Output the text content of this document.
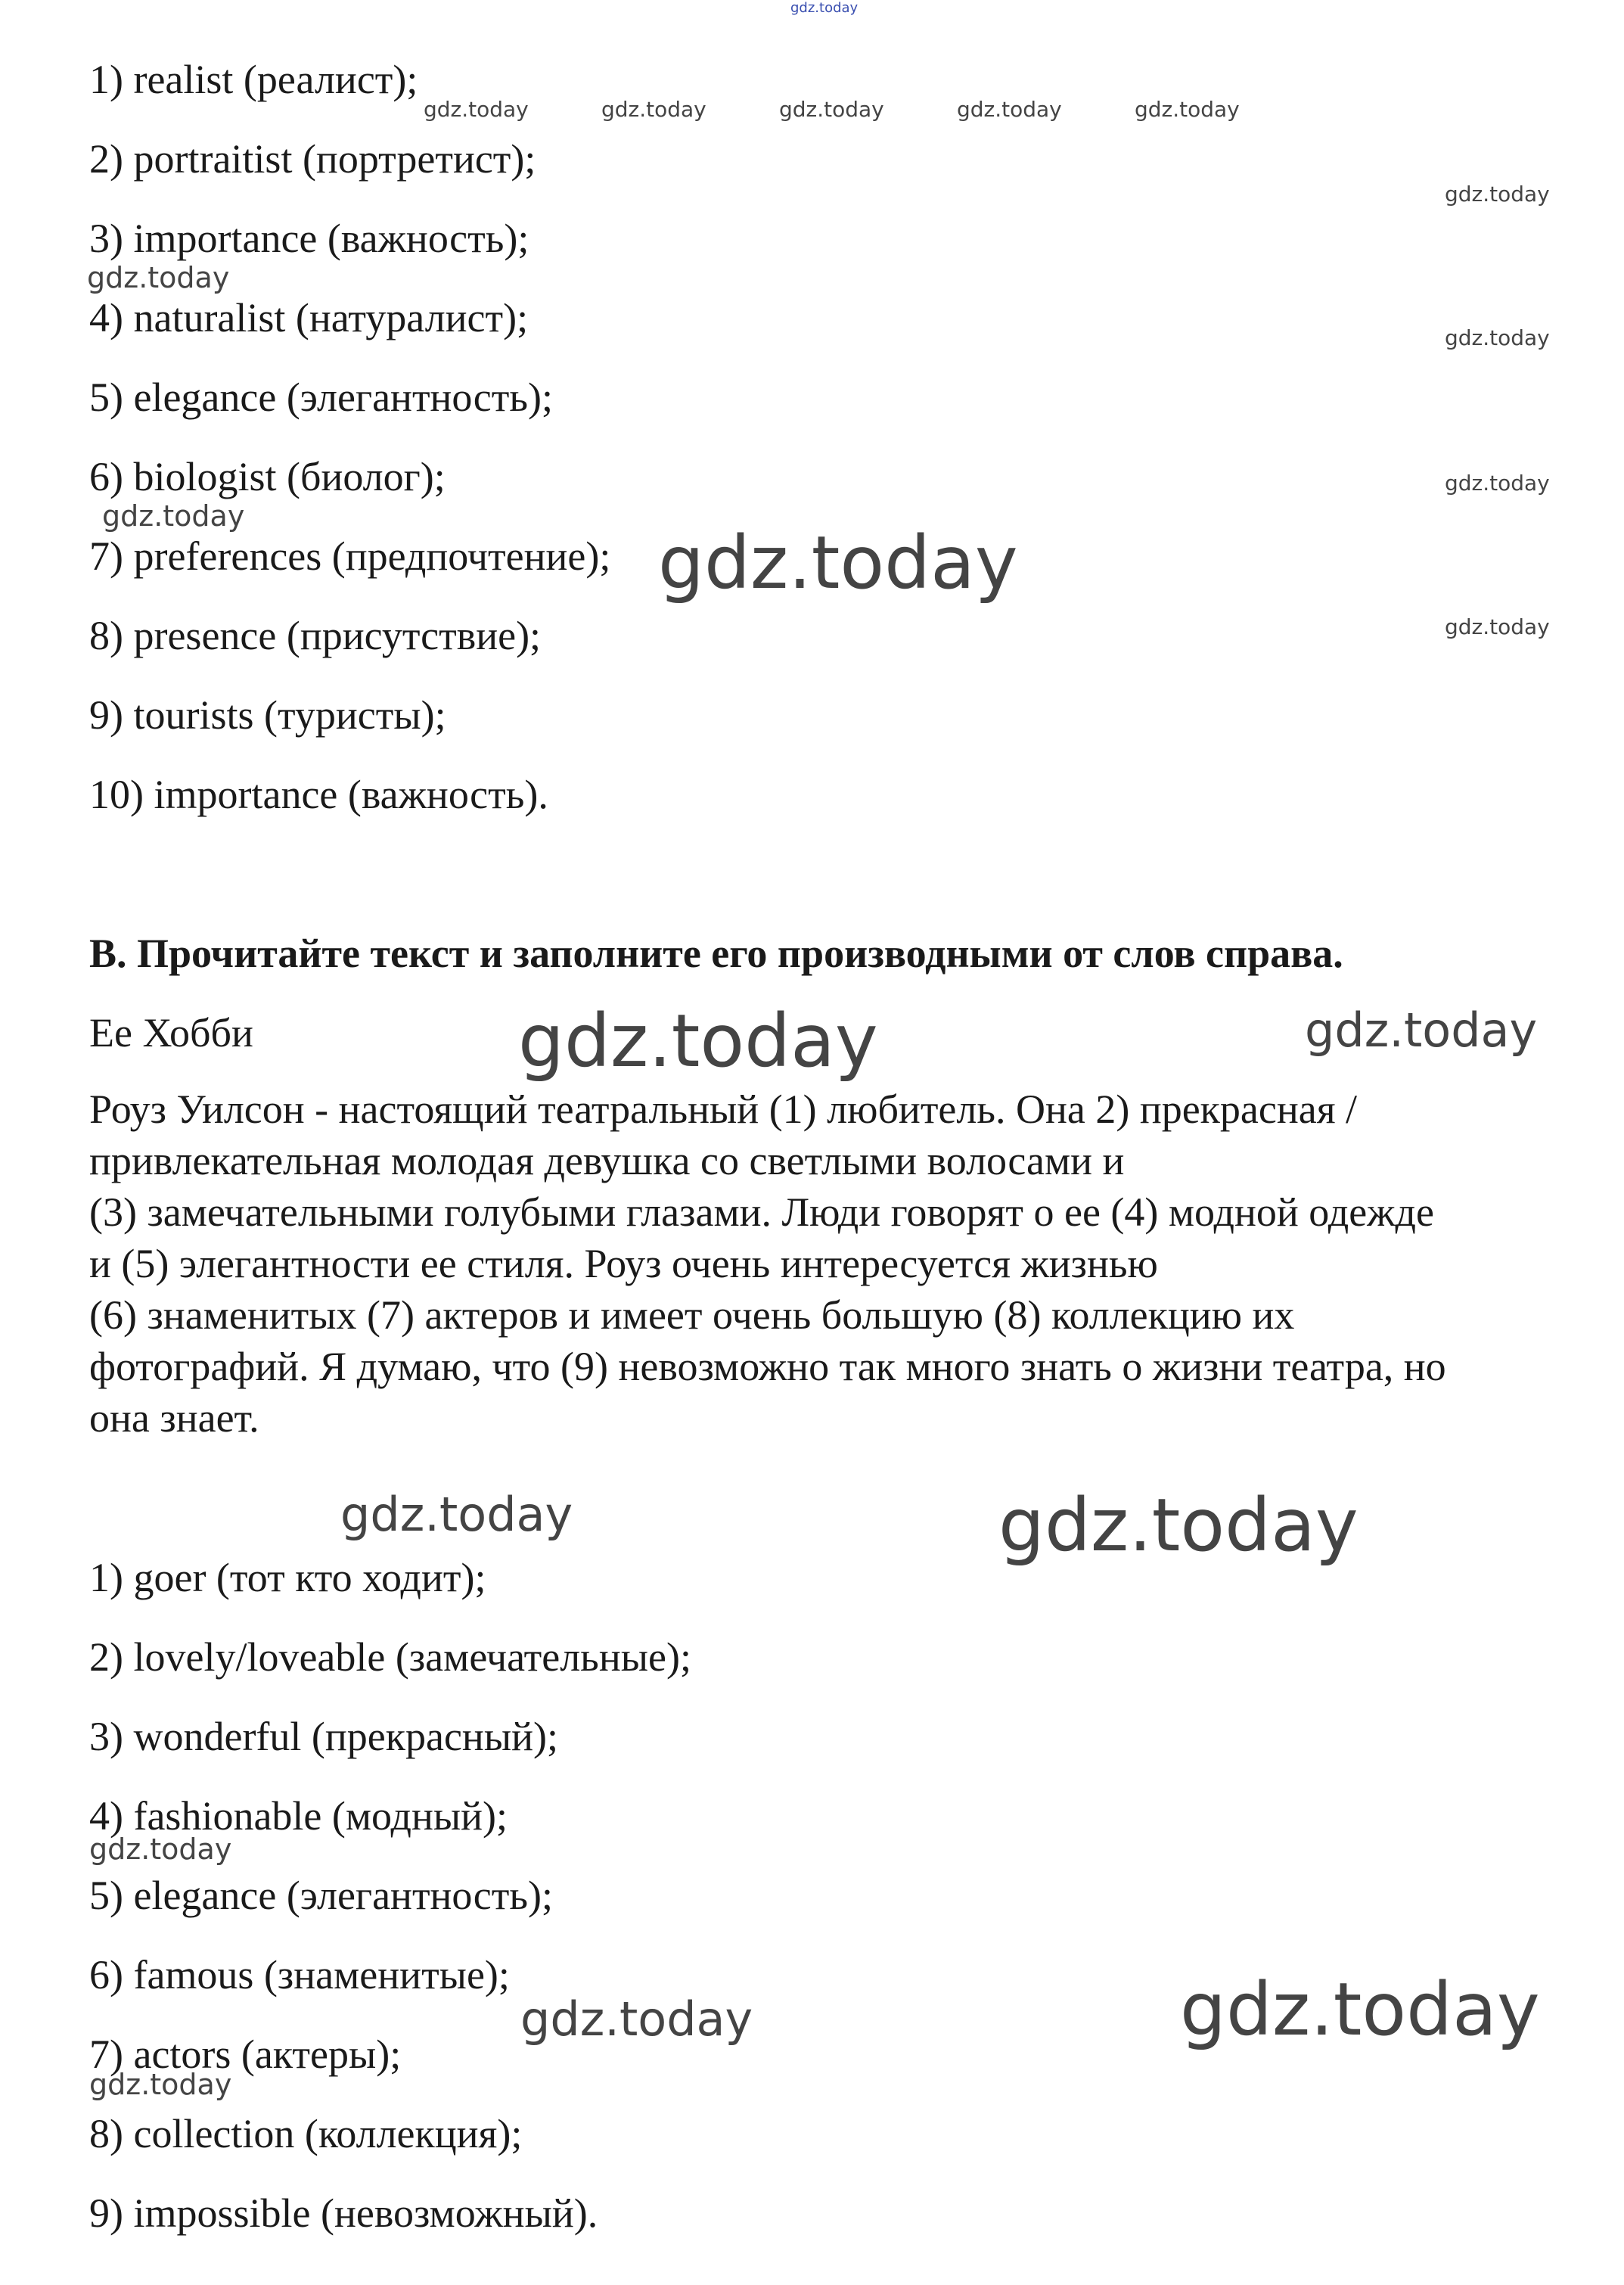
1) realist (реалист);
2) portraitist (портретист);
3) importance (важность);
4) naturalist (натуралист);
5) elegance (элегантность);
6) biologist (биолог);
7) preferences (предпочтение);
8) presence (присутствие);
9) tourists (туристы);
10) importance (важность).
B. Прочитайте текст и заполните его производными от слов справа.
Ее Хобби
Роуз Уилсон - настоящий театральный (1) любитель. Она 2) прекрасная /
привлекательная молодая девушка со светлыми волосами и
(3) замечательными голубыми глазами. Люди говорят о ее (4) модной одежде
и (5) элегантности ее стиля. Роуз очень интересуется жизнью
(6) знаменитых (7) актеров и имеет очень большую (8) коллекцию их
фотографий. Я думаю, что (9) невозможно так много знать о жизни театра, но
она знает.
1) goer (тот кто ходит);
2) lovely/loveable (замечательные);
3) wonderful (прекрасный);
4) fashionable (модный);
5) elegance (элегантность);
6) famous (знаменитые);
7) actors (актеры);
8) collection (коллекция);
9) impossible (невозможный).
gdz.today
gdz.today	gdz.today	gdz.today	gdz.today	gdz.today
gdz.today
gdz.today
gdz.today
gdz.today
gdz.today
gdz.today
gdz.today
gdz.today	gdz.today
gdz.today	gdz.today
gdz.today
gdz.today	gdz.today
gdz.today
